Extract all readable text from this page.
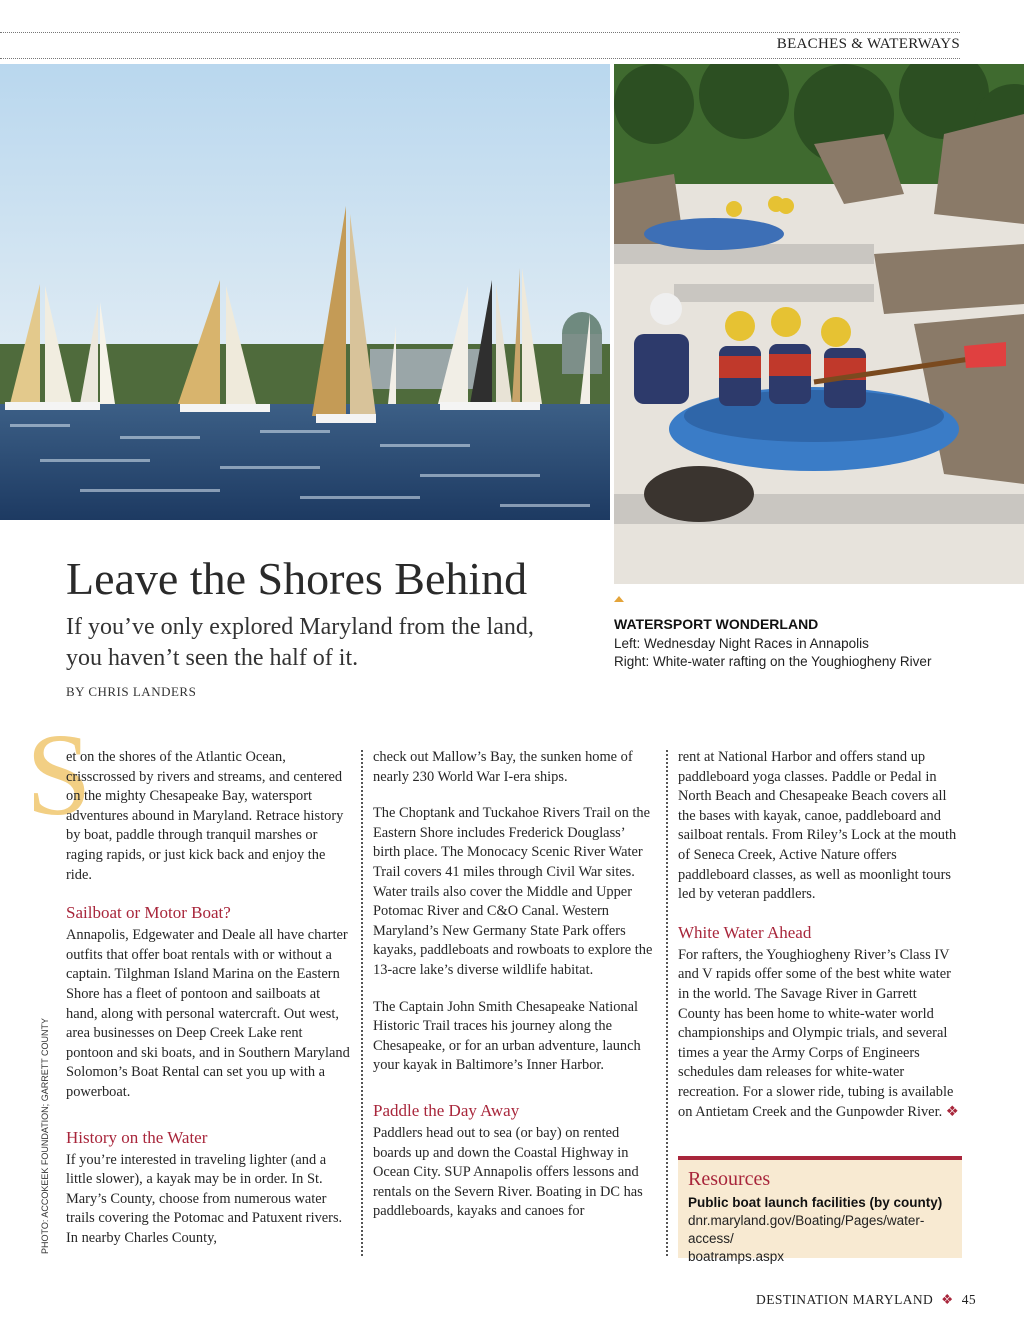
BEACHES & WATERWAYS
Leave the Shores Behind
If you’ve only explored Maryland from the land, you haven’t seen the half of it.
BY CHRIS LANDERS
WATERSPORT WONDERLAND
Left: Wednesday Night Races in Annapolis
Right: White-water rafting on the Youghiogheny River
S

et on the shores of the Atlantic Ocean, crisscrossed by rivers and streams, and centered on the mighty Chesapeake Bay, watersport adventures abound in Maryland. Retrace history by boat, paddle through tranquil marshes or raging rapids, or just kick back and enjoy the ride.

Sailboat or Motor Boat?

Annapolis, Edgewater and Deale all have charter outfits that offer boat rentals with or without a captain. Tilghman Island Marina on the Eastern Shore has a fleet of pontoon and sailboats at hand, along with personal watercraft. Out west, area businesses on Deep Creek Lake rent pontoon and ski boats, and in Southern Maryland Solomon’s Boat Rental can set you up with a powerboat.

History on the Water

If you’re interested in traveling lighter (and a little slower), a kayak may be in order. In St. Mary’s County, choose from numerous water trails covering the Potomac and Patuxent rivers. In nearby Charles County,

check out Mallow’s Bay, the sunken home of nearly 230 World War I-era ships.

The Choptank and Tuckahoe Rivers Trail on the Eastern Shore includes Frederick Douglass’ birth place. The Monocacy Scenic River Water Trail covers 41 miles through Civil War sites. Water trails also cover the Middle and Upper Potomac River and C&O Canal. Western Maryland’s New Germany State Park offers kayaks, paddleboats and rowboats to explore the 13-acre lake’s diverse wildlife habitat.

The Captain John Smith Chesapeake National Historic Trail traces his journey along the Chesapeake, or for an urban adventure, launch your kayak in Baltimore’s Inner Harbor.

Paddle the Day Away

Paddlers head out to sea (or bay) on rented boards up and down the Coastal Highway in Ocean City. SUP Annapolis offers lessons and rentals on the Severn River. Boating in DC has paddleboards, kayaks and canoes for

rent at National Harbor and offers stand up paddleboard yoga classes. Paddle or Pedal in North Beach and Chesapeake Beach covers all the bases with kayak, canoe, paddleboard and sailboat rentals. From Riley’s Lock at the mouth of Seneca Creek, Active Nature offers paddleboard classes, as well as moonlight tours led by veteran paddlers.

White Water Ahead

For rafters, the Youghiogheny River’s Class IV and V rapids offer some of the best white water in the world. The Savage River in Garrett County has been home to white-water world championships and Olympic trials, and several times a year the Army Corps of Engineers schedules dam releases for white-water recreation. For a slower ride, tubing is available on Antietam Creek and the Gunpowder River. ❖

Resources
Public boat launch facilities (by county)
dnr.maryland.gov/Boating/Pages/water-access/
boatramps.aspx
PHOTO: ACCOKEEK FOUNDATION; GARRETT COUNTY
DESTINATION MARYLAND ❖ 45
